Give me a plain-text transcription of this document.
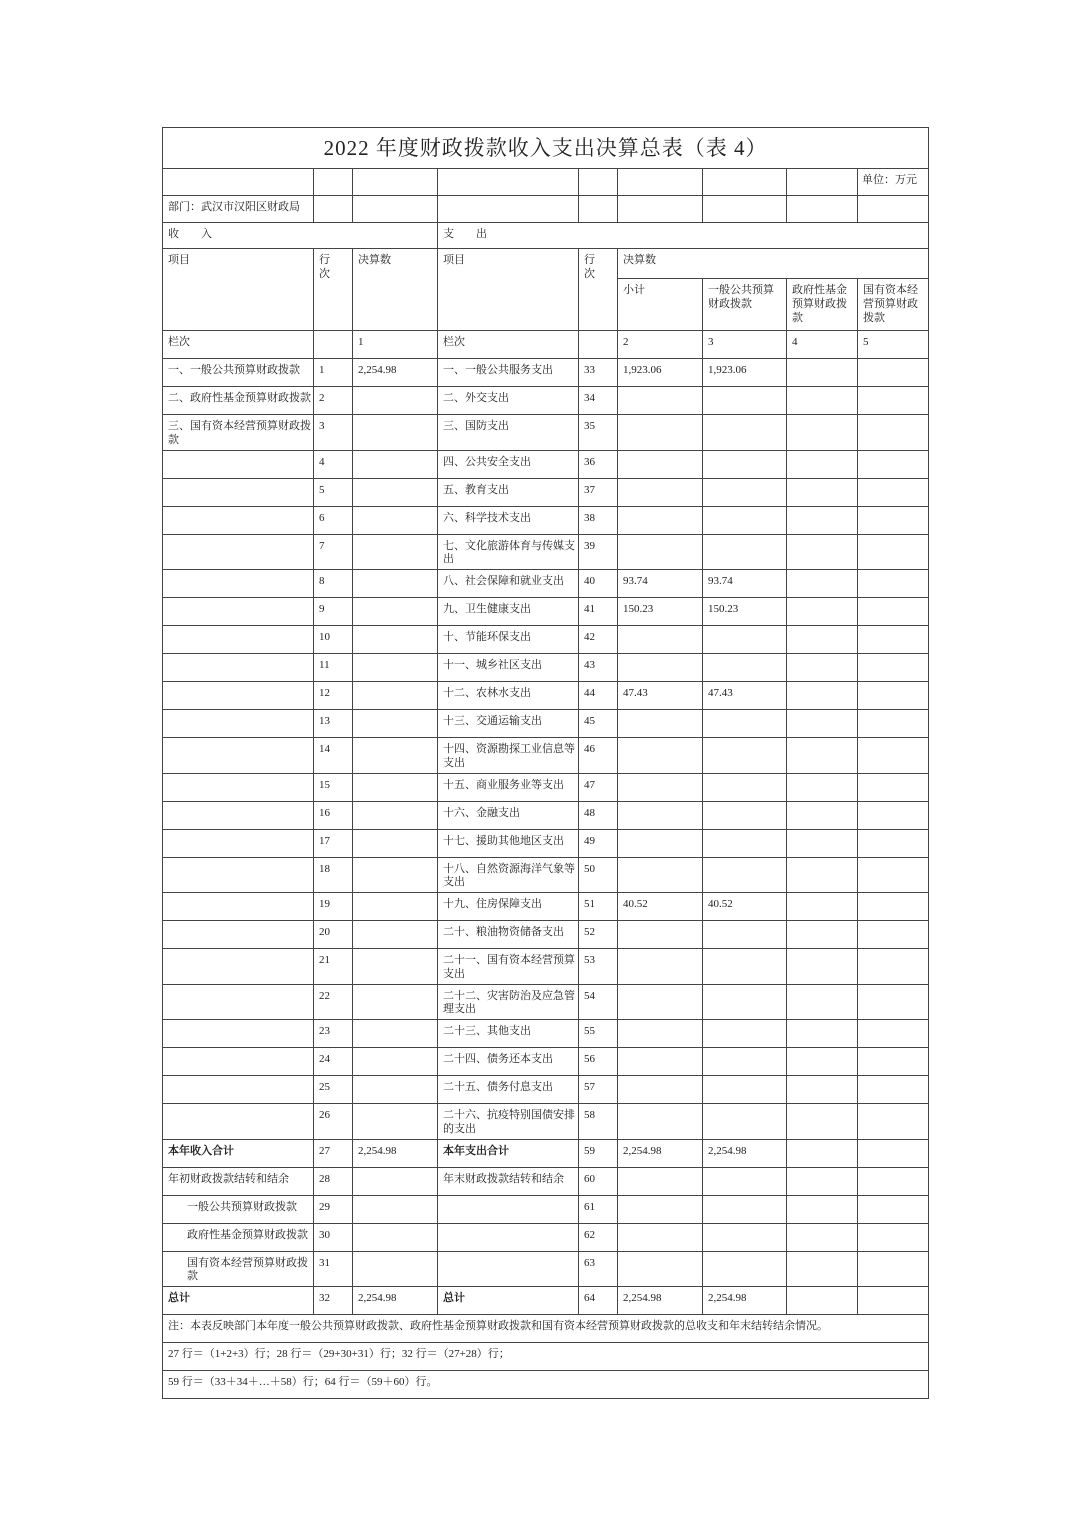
2022 年度财政拨款收入支出决算总表（表 4）								
								单位：万元
部门：武汉市汉阳区财政局								
收　　入			支　　出					
项目	行次	决算数	项目	行次	决算数			
					小计	一般公共预算财政拨款	政府性基金预算财政拨款	国有资本经营预算财政拨款
栏次		1	栏次		2	3	4	5
一、一般公共预算财政拨款	1	2,254.98	一、一般公共服务支出	33	1,923.06	1,923.06		
二、政府性基金预算财政拨款	2		二、外交支出	34				
三、国有资本经营预算财政拨款	3		三、国防支出	35				
	4		四、公共安全支出	36				
	5		五、教育支出	37				
	6		六、科学技术支出	38				
	7		七、文化旅游体育与传媒支出	39				
	8		八、社会保障和就业支出	40	93.74	93.74		
	9		九、卫生健康支出	41	150.23	150.23		
	10		十、节能环保支出	42				
	11		十一、城乡社区支出	43				
	12		十二、农林水支出	44	47.43	47.43		
	13		十三、交通运输支出	45				
	14		十四、资源勘探工业信息等支出	46				
	15		十五、商业服务业等支出	47				
	16		十六、金融支出	48				
	17		十七、援助其他地区支出	49				
	18		十八、自然资源海洋气象等支出	50				
	19		十九、住房保障支出	51	40.52	40.52		
	20		二十、粮油物资储备支出	52				
	21		二十一、国有资本经营预算支出	53				
	22		二十二、灾害防治及应急管理支出	54				
	23		二十三、其他支出	55				
	24		二十四、债务还本支出	56				
	25		二十五、债务付息支出	57				
	26		二十六、抗疫特别国债安排的支出	58				
本年收入合计	27	2,254.98	本年支出合计	59	2,254.98	2,254.98		
年初财政拨款结转和结余	28		年末财政拨款结转和结余	60				
一般公共预算财政拨款	29			61				
政府性基金预算财政拨款	30			62				
国有资本经营预算财政拨款	31			63				
总计	32	2,254.98	总计	64	2,254.98	2,254.98		
注：本表反映部门本年度一般公共预算财政拨款、政府性基金预算财政拨款和国有资本经营预算财政拨款的总收支和年末结转结余情况。								
27 行＝（1+2+3）行；28 行＝（29+30+31）行；32 行＝（27+28）行；								
59 行＝（33＋34＋…＋58）行；64 行＝（59＋60）行。								
